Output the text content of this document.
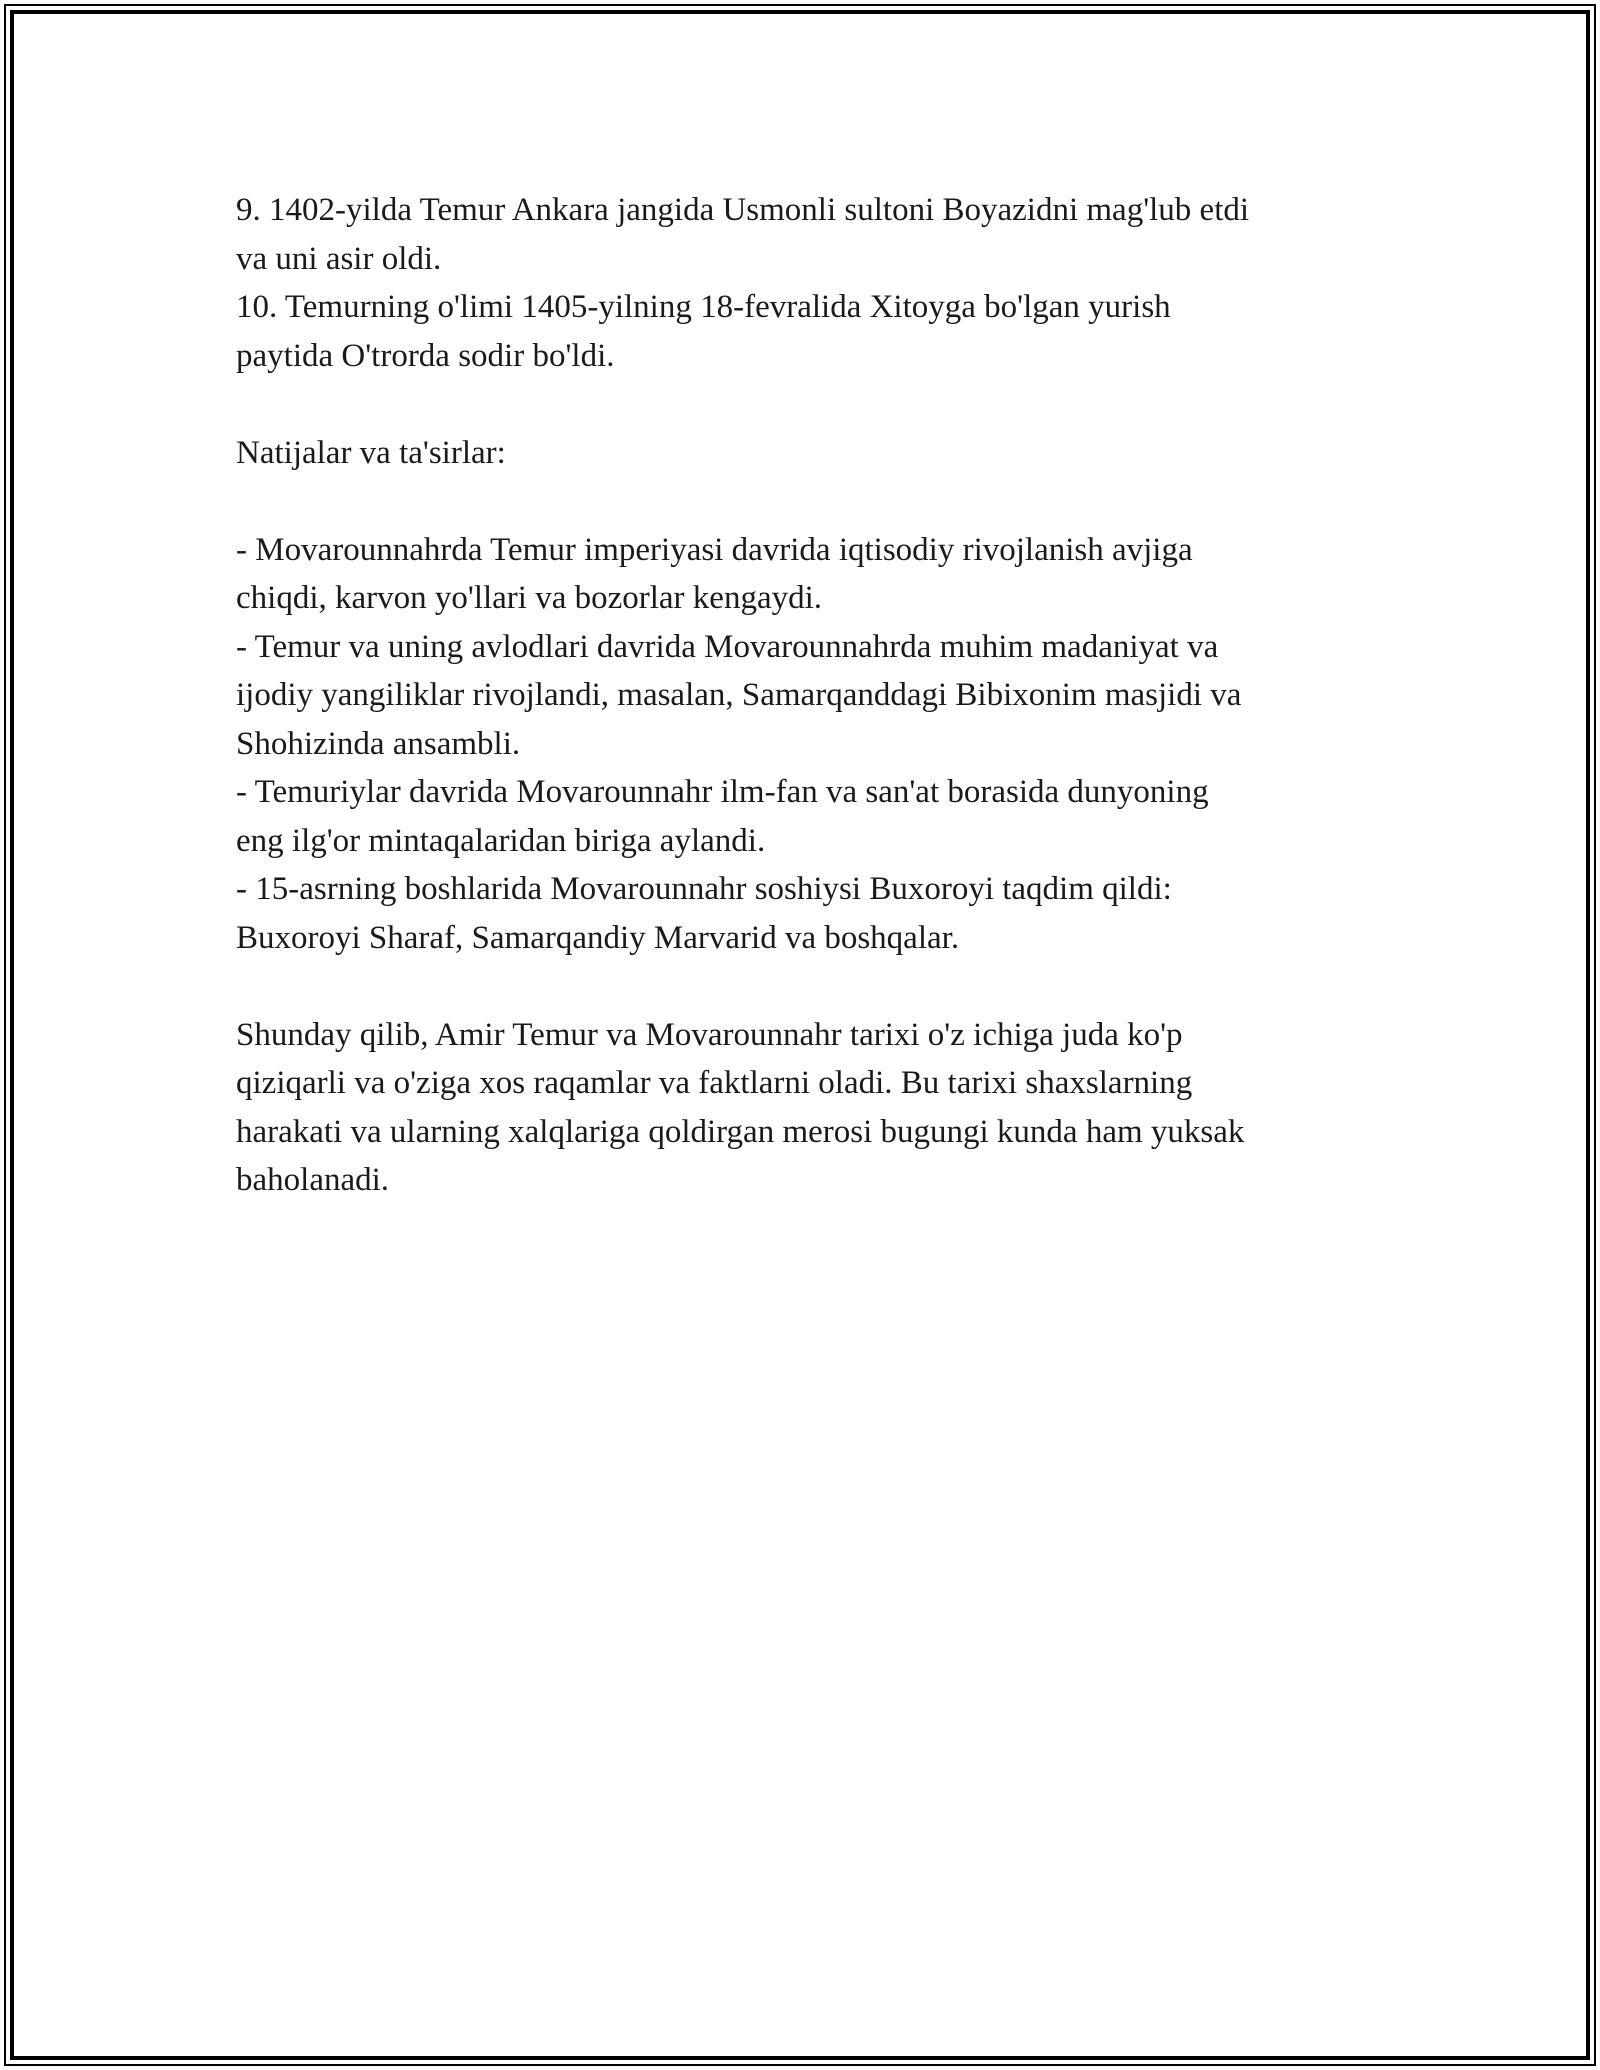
9. 1402-yilda Temur Ankara jangida Usmonli sultoni Boyazidni mag'lub etdi

va uni asir oldi.

10. Temurning o'limi 1405-yilning 18-fevralida Xitoyga bo'lgan yurish

paytida O'trorda sodir bo'ldi.

Natijalar va ta'sirlar:

- Movarounnahrda Temur imperiyasi davrida iqtisodiy rivojlanish avjiga

chiqdi, karvon yo'llari va bozorlar kengaydi.

- Temur va uning avlodlari davrida Movarounnahrda muhim madaniyat va

ijodiy yangiliklar rivojlandi, masalan, Samarqanddagi Bibixonim masjidi va

Shohizinda ansambli.

- Temuriylar davrida Movarounnahr ilm-fan va san'at borasida dunyoning

eng ilg'or mintaqalaridan biriga aylandi.

- 15-asrning boshlarida Movarounnahr soshiysi Buxoroyi taqdim qildi:

Buxoroyi Sharaf, Samarqandiy Marvarid va boshqalar.

Shunday qilib, Amir Temur va Movarounnahr tarixi o'z ichiga juda ko'p

qiziqarli va o'ziga xos raqamlar va faktlarni oladi. Bu tarixi shaxslarning

harakati va ularning xalqlariga qoldirgan merosi bugungi kunda ham yuksak

baholanadi.
